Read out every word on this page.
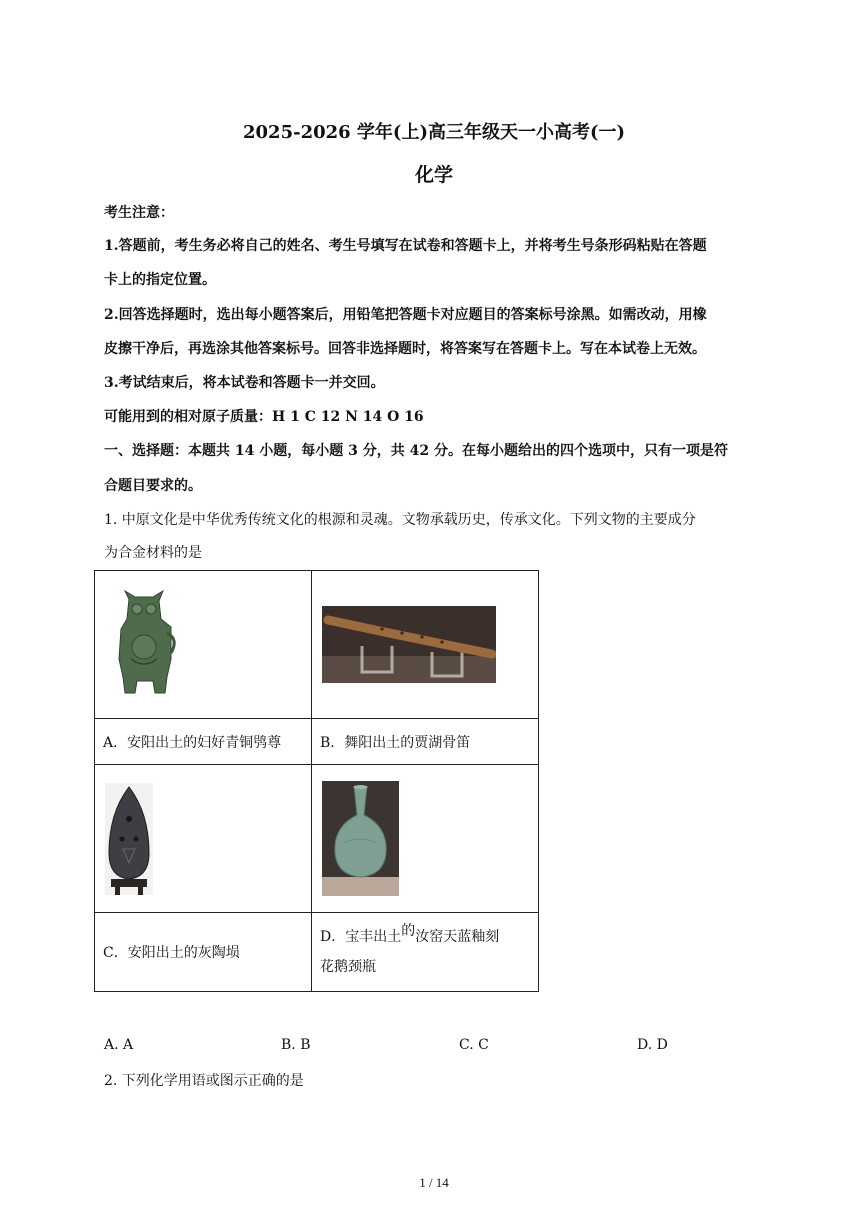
2025-2026 学年(上)高三年级天一小高考(一)
化学
考生注意：
1.答题前，考生务必将自己的姓名、考生号填写在试卷和答题卡上，并将考生号条形码粘贴在答题
卡上的指定位置。
2.回答选择题时，选出每小题答案后，用铅笔把答题卡对应题目的答案标号涂黑。如需改动，用橡
皮擦干净后，再选涂其他答案标号。回答非选择题时，将答案写在答题卡上。写在本试卷上无效。
3.考试结束后，将本试卷和答题卡一并交回。
可能用到的相对原子质量：H 1 C 12 N 14 O 16
一、选择题：本题共 14 小题，每小题 3 分，共 42 分。在每小题给出的四个选项中，只有一项是符
合题目要求的。
1. 中原文化是中华优秀传统文化的根源和灵魂。文物承载历史，传承文化。下列文物的主要成分
为合金材料的是

A．安阳出土的妇好青铜鸮尊	B．舞阳出土的贾湖骨笛

C．安阳出土的灰陶埙	D．宝丰出土的汝窑天蓝釉刻
花鹅颈瓶
A. A	B. B	C. C	D. D
2. 下列化学用语或图示正确的是
1 / 14
